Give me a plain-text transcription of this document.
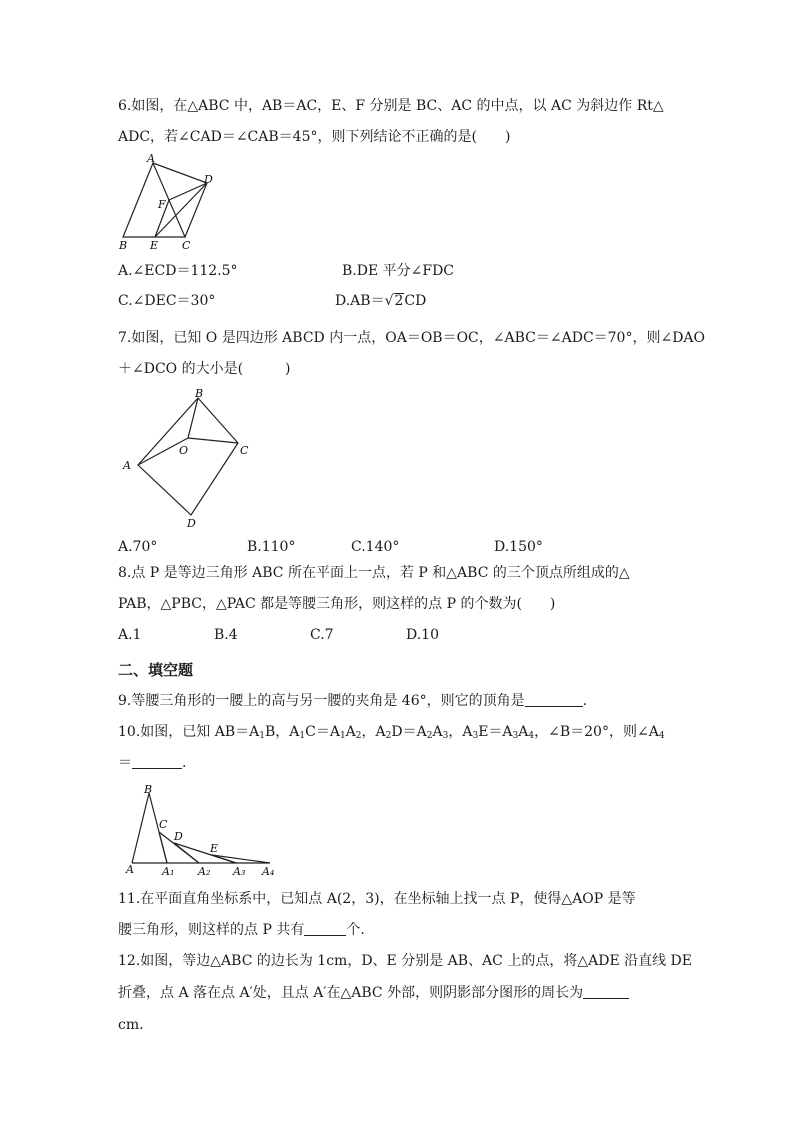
6.如图，在△ABC 中，AB＝AC，E、F 分别是 BC、AC 的中点，以 AC 为斜边作 Rt△
ADC，若∠CAD＝∠CAB＝45°，则下列结论不正确的是(　　)
A
D
F
B E C
A.∠ECD＝112.5°	B.DE 平分∠FDC
C.∠DEC＝30°	D.AB＝√2CD
7.如图，已知 O 是四边形 ABCD 内一点，OA＝OB＝OC，∠ABC＝∠ADC＝70°，则∠DAO
＋∠DCO 的大小是(　　　)
B
O	C
A
D
A.70°	B.110°	C.140°	D.150°
8.点 P 是等边三角形 ABC 所在平面上一点，若 P 和△ABC 的三个顶点所组成的△
PAB，△PBC，△PAC 都是等腰三角形，则这样的点 P 的个数为(　　)
A.1	B.4	C.7	D.10
二、填空题
9.等腰三角形的一腰上的高与另一腰的夹角是 46°，则它的顶角是	.
10.如图，已知 $AB=A_1B$，$A_1C=A_1A_2$，$A_2D=A_2A_3$，$A_3E=A_3A_4$，∠B＝20°，则$\angle A_4$
＝	.
B
C
D
E
A	A₁ A₂ A₃ A₄
11.在平面直角坐标系中，已知点 A(2，3)，在坐标轴上找一点 P，使得△AOP 是等
腰三角形，则这样的点 P 共有	个.
12.如图，等边△ABC 的边长为 1cm，D、E 分别是 AB、AC 上的点，将△ADE 沿直线 DE
折叠，点 A 落在点 A′处，且点 A′在△ABC 外部，则阴影部分图形的周长为
cm.
